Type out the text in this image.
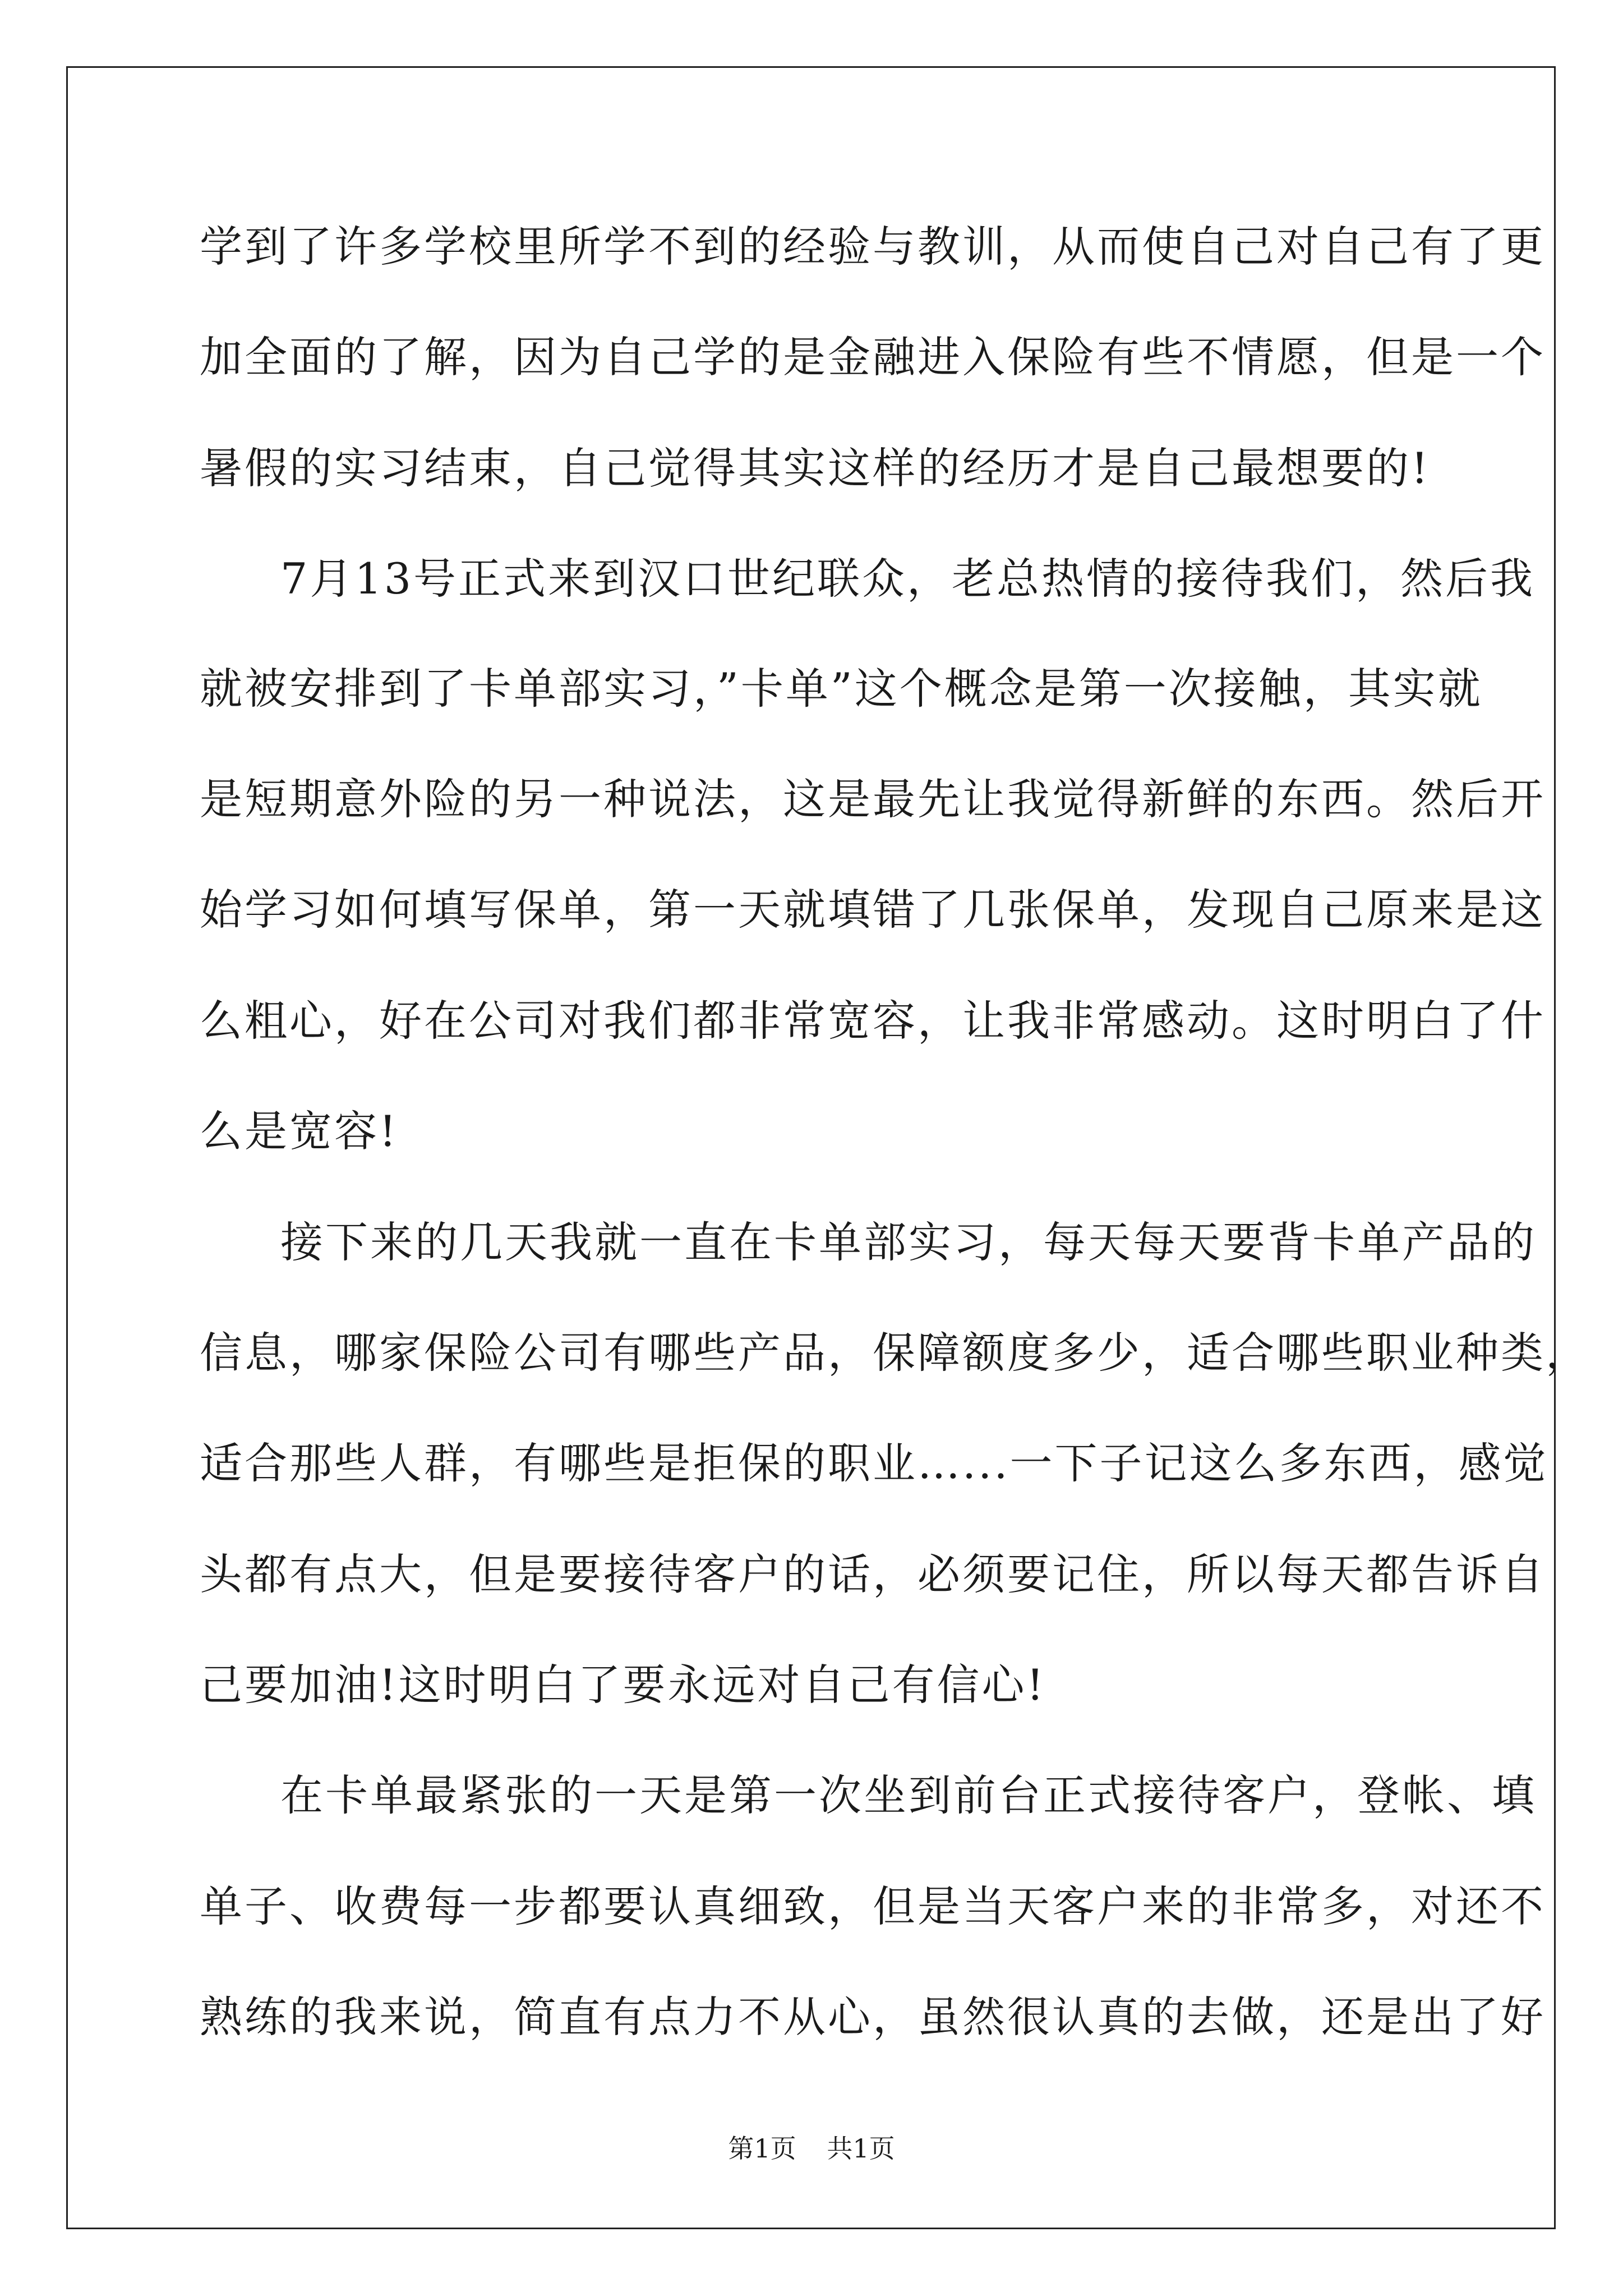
学到了许多学校里所学不到的经验与教训，从而使自己对自己有了更
加全面的了解，因为自己学的是金融进入保险有些不情愿，但是一个
暑假的实习结束，自己觉得其实这样的经历才是自己最想要的!
7月13号正式来到汉口世纪联众，老总热情的接待我们，然后我
就被安排到了卡单部实习，”卡单”这个概念是第一次接触，其实就
是短期意外险的另一种说法，这是最先让我觉得新鲜的东西。然后开
始学习如何填写保单，第一天就填错了几张保单，发现自己原来是这
么粗心，好在公司对我们都非常宽容，让我非常感动。这时明白了什
么是宽容!
接下来的几天我就一直在卡单部实习，每天每天要背卡单产品的
信息，哪家保险公司有哪些产品，保障额度多少，适合哪些职业种类，
适合那些人群，有哪些是拒保的职业…...一下子记这么多东西，感觉
头都有点大，但是要接待客户的话，必须要记住，所以每天都告诉自
己要加油!这时明白了要永远对自己有信心!
在卡单最紧张的一天是第一次坐到前台正式接待客户，登帐、填
单子、收费每一步都要认真细致，但是当天客户来的非常多，对还不
熟练的我来说，简直有点力不从心，虽然很认真的去做，还是出了好
第1页 共1页
